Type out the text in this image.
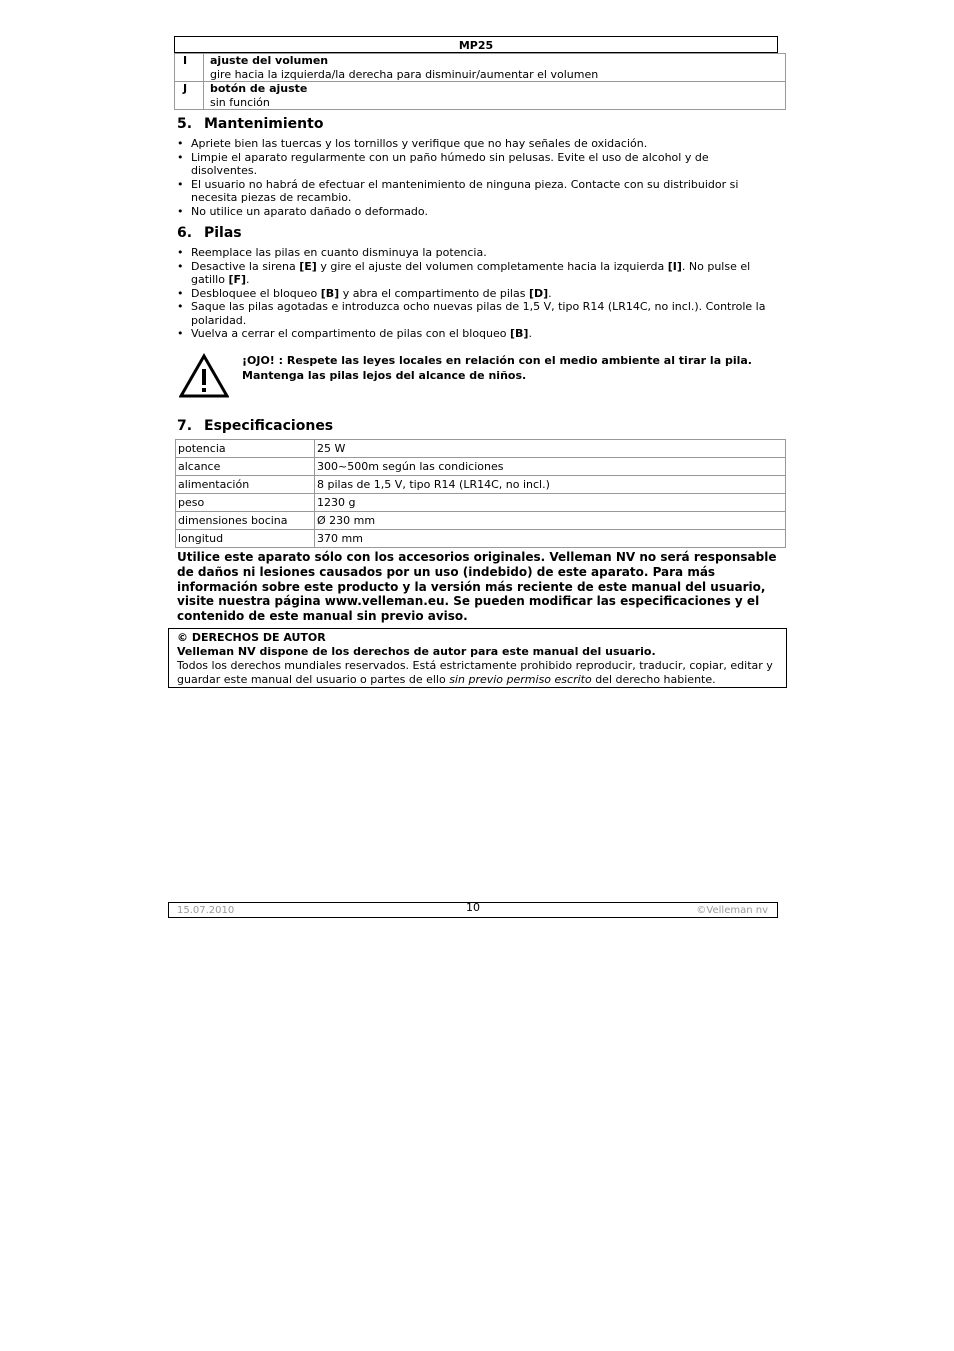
MP25
I	ajuste del volumen
gire hacia la izquierda/la derecha para disminuir/aumentar el volumen

J	botón de ajuste
sin función
5. Mantenimiento
• Apriete bien las tuercas y los tornillos y verifique que no hay señales de oxidación.
• Limpie el aparato regularmente con un paño húmedo sin pelusas. Evite el uso de alcohol y de disolventes.
• El usuario no habrá de efectuar el mantenimiento de ninguna pieza. Contacte con su distribuidor si necesita piezas de recambio.
• No utilice un aparato dañado o deformado.
6. Pilas
• Reemplace las pilas en cuanto disminuya la potencia.
• Desactive la sirena [E] y gire el ajuste del volumen completamente hacia la izquierda [I]. No pulse el gatillo [F].
• Desbloquee el bloqueo [B] y abra el compartimento de pilas [D].
• Saque las pilas agotadas e introduzca ocho nuevas pilas de 1,5 V, tipo R14 (LR14C, no incl.). Controle la polaridad.
• Vuelva a cerrar el compartimento de pilas con el bloqueo [B].
¡OJO! : Respete las leyes locales en relación con el medio ambiente al tirar la pila.
Mantenga las pilas lejos del alcance de niños.
7. Especificaciones
potencia	25 W
alcance	300~500m según las condiciones
alimentación	8 pilas de 1,5 V, tipo R14 (LR14C, no incl.)
peso	1230 g
dimensiones bocina	Ø 230 mm
longitud	370 mm
Utilice este aparato sólo con los accesorios originales. Velleman NV no será responsable de daños ni lesiones causados por un uso (indebido) de este aparato. Para más información sobre este producto y la versión más reciente de este manual del usuario, visite nuestra página www.velleman.eu. Se pueden modificar las especificaciones y el contenido de este manual sin previo aviso.
© DERECHOS DE AUTOR
Velleman NV dispone de los derechos de autor para este manual del usuario.
Todos los derechos mundiales reservados. Está estrictamente prohibido reproducir, traducir, copiar, editar y guardar este manual del usuario o partes de ello sin previo permiso escrito del derecho habiente.
15.07.2010	10	©Velleman nv
